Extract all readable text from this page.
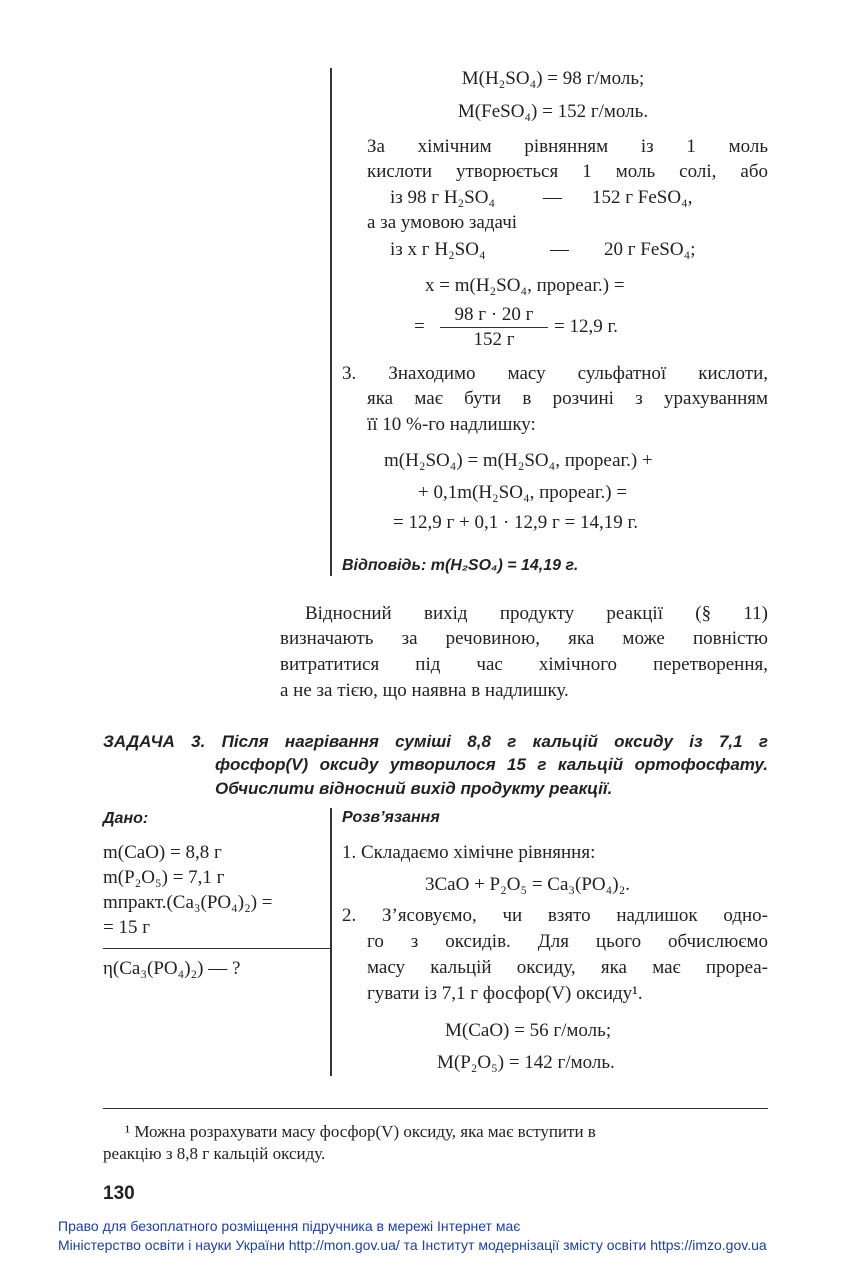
M(H₂SO₄) = 98 г/моль;
M(FeSO₄) = 152 г/моль.
За хімічним рівнянням із 1 моль
кислоти утворюється 1 моль солі, або
із 98 г H₂SO₄	— 152 г FeSO₄,
а за умовою задачі
із x г H₂SO₄	— 20 г FeSO₄;
x = m(H₂SO₄, прореаг.) =
=
98 г · 20 г
152 г
= 12,9 г.
3. Знаходимо масу сульфатної кислоти,
яка має бути в розчині з урахуванням
її 10 %-го надлишку:
m(H₂SO₄) = m(H₂SO₄, прореаг.) +
+ 0,1m(H₂SO₄, прореаг.) =
= 12,9 г + 0,1 · 12,9 г = 14,19 г.
Відповідь: m(H₂SO₄) = 14,19 г.
Відносний вихід продукту реакції (§ 11)
визначають за речовиною, яка може повністю
витратитися під час хімічного перетворення,
а не за тією, що наявна в надлишку.
ЗАДАЧА 3. Після нагрівання суміші 8,8 г кальцій оксиду із 7,1 г
фосфор(V) оксиду утворилося 15 г кальцій ортофосфату.
Обчислити відносний вихід продукту реакції.
Дано:
m(CaO) = 8,8 г
m(P₂O₅) = 7,1 г
mпракт.(Ca₃(PO₄)₂) =
= 15 г
η(Ca₃(PO₄)₂) — ?
Розв’язання
1. Складаємо хімічне рівняння:
3CaO + P₂O₅ = Ca₃(PO₄)₂.
2. З’ясовуємо, чи взято надлишок одно-
го з оксидів. Для цього обчислюємо
масу кальцій оксиду, яка має прореа-
гувати із 7,1 г фосфор(V) оксиду¹.
M(CaO) = 56 г/моль;
M(P₂O₅) = 142 г/моль.
¹ Можна розрахувати масу фосфор(V) оксиду, яка має вступити в
реакцію з 8,8 г кальцій оксиду.
130
Право для безоплатного розміщення підручника в мережі Інтернет має
Міністерство освіти і науки України http://mon.gov.ua/ та Інститут модернізації змісту освіти https://imzo.gov.ua
